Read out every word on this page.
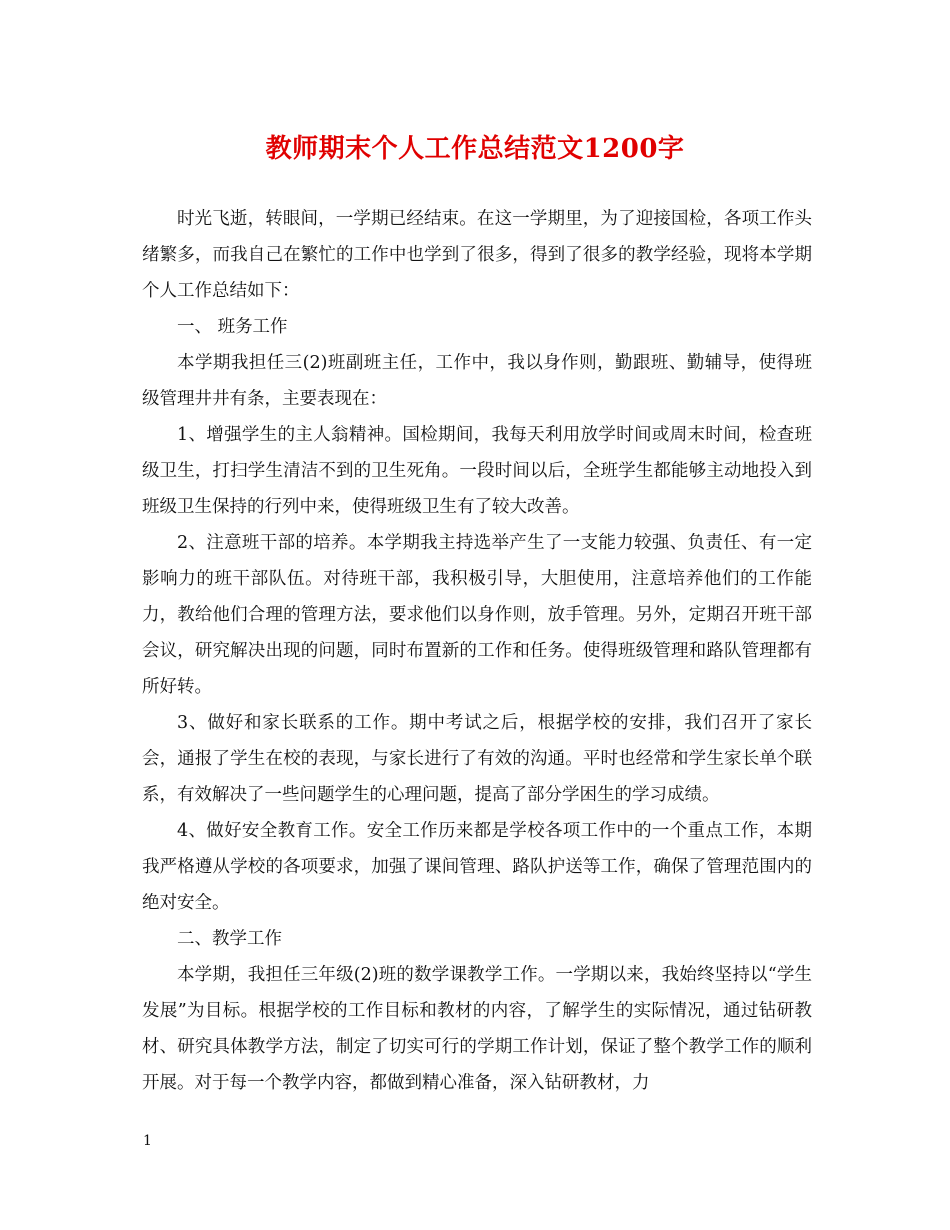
教师期末个人工作总结范文1200字

时光飞逝，转眼间，一学期已经结束。在这一学期里，为了迎接国检，各项工作头绪繁多，而我自己在繁忙的工作中也学到了很多，得到了很多的教学经验，现将本学期个人工作总结如下：

一、 班务工作

本学期我担任三(2)班副班主任，工作中，我以身作则，勤跟班、勤辅导，使得班级管理井井有条，主要表现在：

1、增强学生的主人翁精神。国检期间，我每天利用放学时间或周末时间，检查班级卫生，打扫学生清洁不到的卫生死角。一段时间以后，全班学生都能够主动地投入到班级卫生保持的行列中来，使得班级卫生有了较大改善。

2、注意班干部的培养。本学期我主持选举产生了一支能力较强、负责任、有一定影响力的班干部队伍。对待班干部，我积极引导，大胆使用，注意培养他们的工作能力，教给他们合理的管理方法，要求他们以身作则，放手管理。另外，定期召开班干部会议，研究解决出现的问题，同时布置新的工作和任务。使得班级管理和路队管理都有所好转。

3、做好和家长联系的工作。期中考试之后，根据学校的安排，我们召开了家长会，通报了学生在校的表现，与家长进行了有效的沟通。平时也经常和学生家长单个联系，有效解决了一些问题学生的心理问题，提高了部分学困生的学习成绩。

4、做好安全教育工作。安全工作历来都是学校各项工作中的一个重点工作，本期我严格遵从学校的各项要求，加强了课间管理、路队护送等工作，确保了管理范围内的绝对安全。

二、教学工作

本学期，我担任三年级(2)班的数学课教学工作。一学期以来，我始终坚持以“学生发展”为目标。根据学校的工作目标和教材的内容，了解学生的实际情况，通过钻研教材、研究具体教学方法，制定了切实可行的学期工作计划，保证了整个教学工作的顺利开展。对于每一个教学内容，都做到精心准备，深入钻研教材，力

1
